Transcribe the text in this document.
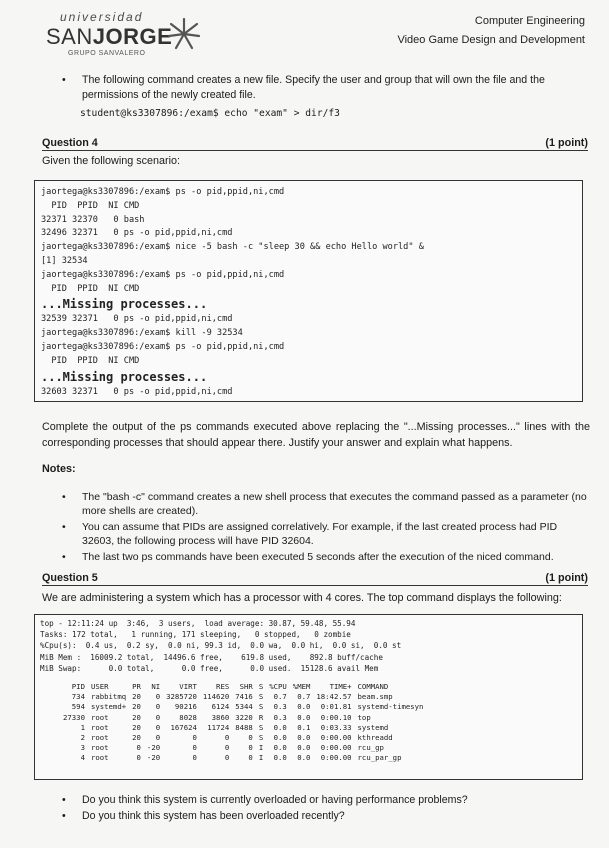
universidad
SANJORGE
GRUPO SANVALERO
Computer Engineering
Video Game Design and Development
• The following command creates a new file. Specify the user and group that will own the file and the permissions of the newly created file.
student@ks3307896:/exam$ echo "exam" > dir/f3
Question 4	(1 point)
Given the following scenario:
jaortega@ks3307896:/exam$ ps -o pid,ppid,ni,cmd
PID  PPID  NI CMD
32371 32370   0 bash
32496 32371   0 ps -o pid,ppid,ni,cmd
jaortega@ks3307896:/exam$ nice -5 bash -c "sleep 30 && echo Hello world" &
[1] 32534
jaortega@ks3307896:/exam$ ps -o pid,ppid,ni,cmd
PID  PPID  NI CMD
...Missing processes...
32539 32371   0 ps -o pid,ppid,ni,cmd
jaortega@ks3307896:/exam$ kill -9 32534
jaortega@ks3307896:/exam$ ps -o pid,ppid,ni,cmd
PID  PPID  NI CMD
...Missing processes...
32603 32371   0 ps -o pid,ppid,ni,cmd
Complete the output of the ps commands executed above replacing the "...Missing processes..." lines with the corresponding processes that should appear there. Justify your answer and explain what happens.
Notes:
• The "bash -c" command creates a new shell process that executes the command passed as a parameter (no more shells are created).
• You can assume that PIDs are assigned correlatively. For example, if the last created process had PID 32603, the following process will have PID 32604.
• The last two ps commands have been executed 5 seconds after the execution of the niced command.
Question 5	(1 point)
We are administering a system which has a processor with 4 cores. The top command displays the following:
top - 12:11:24 up  3:46,  3 users,  load average: 30.87, 59.48, 55.94
Tasks: 172 total,   1 running, 171 sleeping,   0 stopped,   0 zombie
%Cpu(s):  0.4 us,  0.2 sy,  0.0 ni, 99.3 id,  0.0 wa,  0.0 hi,  0.0 si,  0.0 st
MiB Mem :  16009.2 total,  14496.6 free,    619.8 used,    892.8 buff/cache
MiB Swap:      0.0 total,      0.0 free,      0.0 used.  15128.6 avail Mem
PID	USER	PR	NI	VIRT	RES	SHR	S	%CPU	%MEM	TIME+	COMMAND
734	rabbitmq	20	0	3285720	114620	7416	S	0.7	0.7	18:42.57	beam.smp
594	systemd+	20	0	90216	6124	5344	S	0.3	0.0	0:01.81	systemd-timesyn
27330	root	20	0	8028	3860	3220	R	0.3	0.0	0:00.10	top
1	root	20	0	167624	11724	8488	S	0.0	0.1	0:03.33	systemd
2	root	20	0	0	0	0	S	0.0	0.0	0:00.00	kthreadd
3	root	0	-20	0	0	0	I	0.0	0.0	0:00.00	rcu_gp
4	root	0	-20	0	0	0	I	0.0	0.0	0:00.00	rcu_par_gp
• Do you think this system is currently overloaded or having performance problems?
• Do you think this system has been overloaded recently?
